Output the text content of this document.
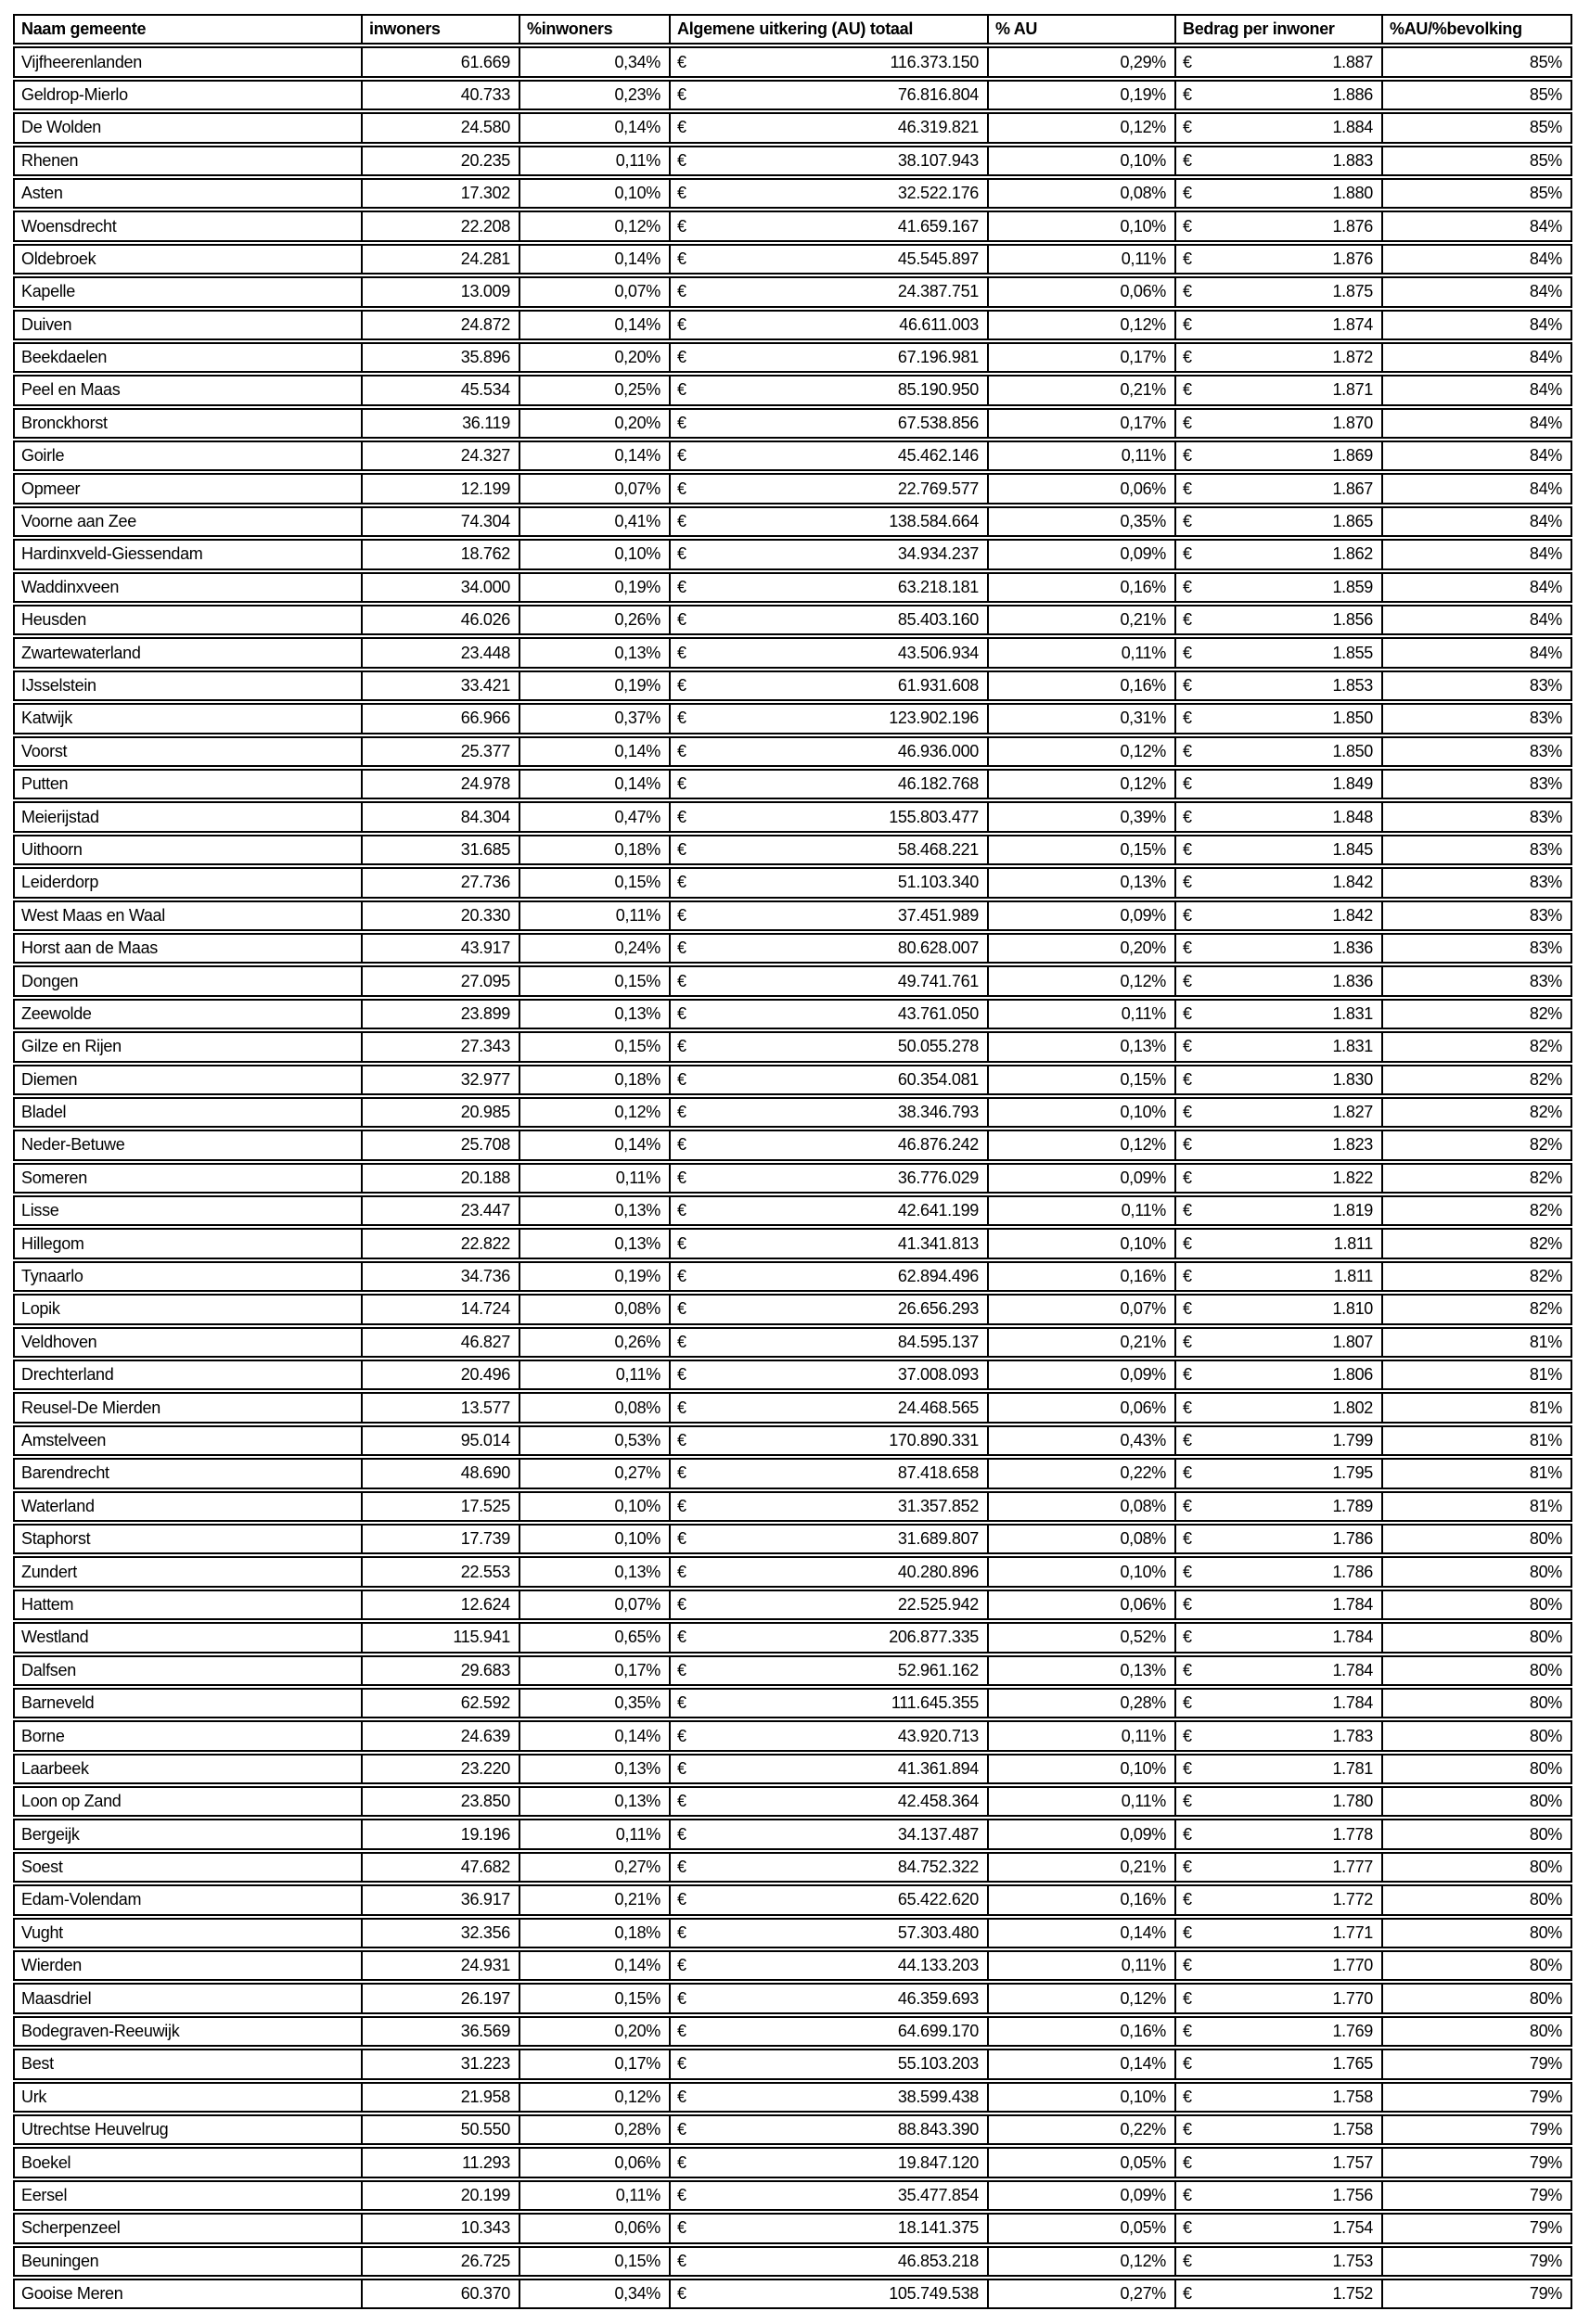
Naam gemeente	inwoners	%inwoners	Algemene uitkering (AU) totaal	% AU	Bedrag per inwoner	%AU/%bevolking
Vijfheerenlanden	61.669	0,34%	€ 116.373.150	0,29%	€ 1.887	85%
Geldrop-Mierlo	40.733	0,23%	€ 76.816.804	0,19%	€ 1.886	85%
De Wolden	24.580	0,14%	€ 46.319.821	0,12%	€ 1.884	85%
Rhenen	20.235	0,11%	€ 38.107.943	0,10%	€ 1.883	85%
Asten	17.302	0,10%	€ 32.522.176	0,08%	€ 1.880	85%
Woensdrecht	22.208	0,12%	€ 41.659.167	0,10%	€ 1.876	84%
Oldebroek	24.281	0,14%	€ 45.545.897	0,11%	€ 1.876	84%
Kapelle	13.009	0,07%	€ 24.387.751	0,06%	€ 1.875	84%
Duiven	24.872	0,14%	€ 46.611.003	0,12%	€ 1.874	84%
Beekdaelen	35.896	0,20%	€ 67.196.981	0,17%	€ 1.872	84%
Peel en Maas	45.534	0,25%	€ 85.190.950	0,21%	€ 1.871	84%
Bronckhorst	36.119	0,20%	€ 67.538.856	0,17%	€ 1.870	84%
Goirle	24.327	0,14%	€ 45.462.146	0,11%	€ 1.869	84%
Opmeer	12.199	0,07%	€ 22.769.577	0,06%	€ 1.867	84%
Voorne aan Zee	74.304	0,41%	€ 138.584.664	0,35%	€ 1.865	84%
Hardinxveld-Giessendam	18.762	0,10%	€ 34.934.237	0,09%	€ 1.862	84%
Waddinxveen	34.000	0,19%	€ 63.218.181	0,16%	€ 1.859	84%
Heusden	46.026	0,26%	€ 85.403.160	0,21%	€ 1.856	84%
Zwartewaterland	23.448	0,13%	€ 43.506.934	0,11%	€ 1.855	84%
IJsselstein	33.421	0,19%	€ 61.931.608	0,16%	€ 1.853	83%
Katwijk	66.966	0,37%	€ 123.902.196	0,31%	€ 1.850	83%
Voorst	25.377	0,14%	€ 46.936.000	0,12%	€ 1.850	83%
Putten	24.978	0,14%	€ 46.182.768	0,12%	€ 1.849	83%
Meierijstad	84.304	0,47%	€ 155.803.477	0,39%	€ 1.848	83%
Uithoorn	31.685	0,18%	€ 58.468.221	0,15%	€ 1.845	83%
Leiderdorp	27.736	0,15%	€ 51.103.340	0,13%	€ 1.842	83%
West Maas en Waal	20.330	0,11%	€ 37.451.989	0,09%	€ 1.842	83%
Horst aan de Maas	43.917	0,24%	€ 80.628.007	0,20%	€ 1.836	83%
Dongen	27.095	0,15%	€ 49.741.761	0,12%	€ 1.836	83%
Zeewolde	23.899	0,13%	€ 43.761.050	0,11%	€ 1.831	82%
Gilze en Rijen	27.343	0,15%	€ 50.055.278	0,13%	€ 1.831	82%
Diemen	32.977	0,18%	€ 60.354.081	0,15%	€ 1.830	82%
Bladel	20.985	0,12%	€ 38.346.793	0,10%	€ 1.827	82%
Neder-Betuwe	25.708	0,14%	€ 46.876.242	0,12%	€ 1.823	82%
Someren	20.188	0,11%	€ 36.776.029	0,09%	€ 1.822	82%
Lisse	23.447	0,13%	€ 42.641.199	0,11%	€ 1.819	82%
Hillegom	22.822	0,13%	€ 41.341.813	0,10%	€ 1.811	82%
Tynaarlo	34.736	0,19%	€ 62.894.496	0,16%	€ 1.811	82%
Lopik	14.724	0,08%	€ 26.656.293	0,07%	€ 1.810	82%
Veldhoven	46.827	0,26%	€ 84.595.137	0,21%	€ 1.807	81%
Drechterland	20.496	0,11%	€ 37.008.093	0,09%	€ 1.806	81%
Reusel-De Mierden	13.577	0,08%	€ 24.468.565	0,06%	€ 1.802	81%
Amstelveen	95.014	0,53%	€ 170.890.331	0,43%	€ 1.799	81%
Barendrecht	48.690	0,27%	€ 87.418.658	0,22%	€ 1.795	81%
Waterland	17.525	0,10%	€ 31.357.852	0,08%	€ 1.789	81%
Staphorst	17.739	0,10%	€ 31.689.807	0,08%	€ 1.786	80%
Zundert	22.553	0,13%	€ 40.280.896	0,10%	€ 1.786	80%
Hattem	12.624	0,07%	€ 22.525.942	0,06%	€ 1.784	80%
Westland	115.941	0,65%	€ 206.877.335	0,52%	€ 1.784	80%
Dalfsen	29.683	0,17%	€ 52.961.162	0,13%	€ 1.784	80%
Barneveld	62.592	0,35%	€ 111.645.355	0,28%	€ 1.784	80%
Borne	24.639	0,14%	€ 43.920.713	0,11%	€ 1.783	80%
Laarbeek	23.220	0,13%	€ 41.361.894	0,10%	€ 1.781	80%
Loon op Zand	23.850	0,13%	€ 42.458.364	0,11%	€ 1.780	80%
Bergeijk	19.196	0,11%	€ 34.137.487	0,09%	€ 1.778	80%
Soest	47.682	0,27%	€ 84.752.322	0,21%	€ 1.777	80%
Edam-Volendam	36.917	0,21%	€ 65.422.620	0,16%	€ 1.772	80%
Vught	32.356	0,18%	€ 57.303.480	0,14%	€ 1.771	80%
Wierden	24.931	0,14%	€ 44.133.203	0,11%	€ 1.770	80%
Maasdriel	26.197	0,15%	€ 46.359.693	0,12%	€ 1.770	80%
Bodegraven-Reeuwijk	36.569	0,20%	€ 64.699.170	0,16%	€ 1.769	80%
Best	31.223	0,17%	€ 55.103.203	0,14%	€ 1.765	79%
Urk	21.958	0,12%	€ 38.599.438	0,10%	€ 1.758	79%
Utrechtse Heuvelrug	50.550	0,28%	€ 88.843.390	0,22%	€ 1.758	79%
Boekel	11.293	0,06%	€ 19.847.120	0,05%	€ 1.757	79%
Eersel	20.199	0,11%	€ 35.477.854	0,09%	€ 1.756	79%
Scherpenzeel	10.343	0,06%	€ 18.141.375	0,05%	€ 1.754	79%
Beuningen	26.725	0,15%	€ 46.853.218	0,12%	€ 1.753	79%
Gooise Meren	60.370	0,34%	€ 105.749.538	0,27%	€ 1.752	79%
